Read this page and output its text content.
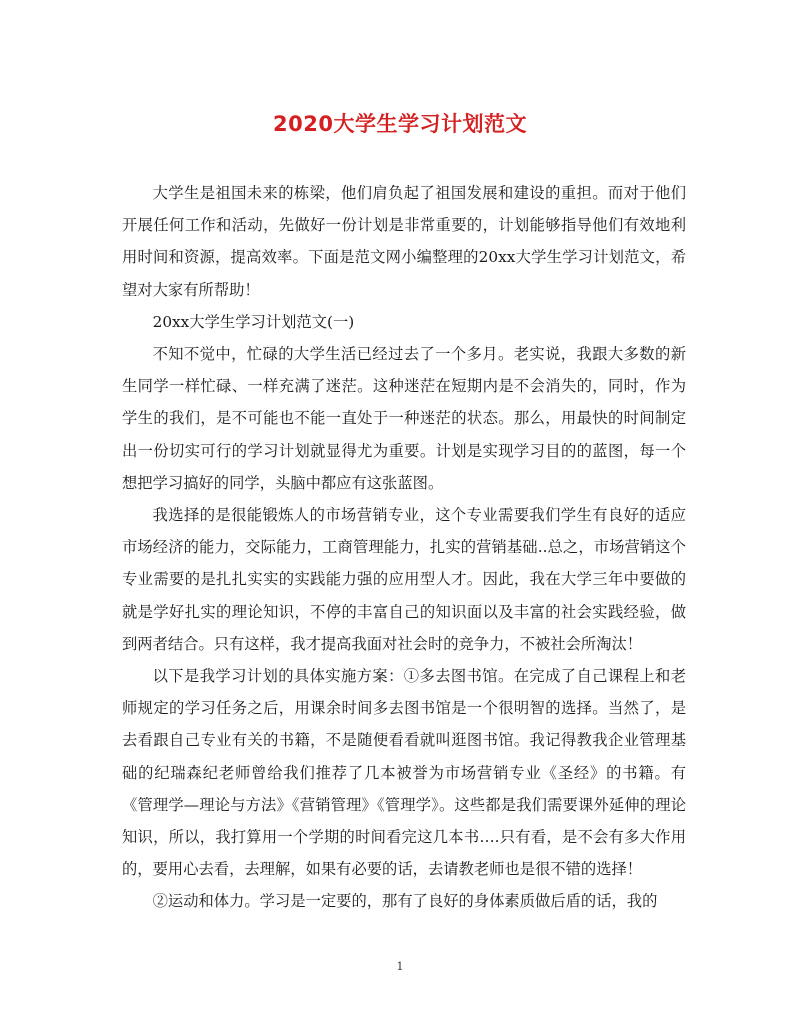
2020大学生学习计划范文

大学生是祖国未来的栋梁，他们肩负起了祖国发展和建设的重担。而对于他们开展任何工作和活动，先做好一份计划是非常重要的，计划能够指导他们有效地利用时间和资源，提高效率。下面是范文网小编整理的20xx大学生学习计划范文，希望对大家有所帮助！

20xx大学生学习计划范文(一)

不知不觉中，忙碌的大学生活已经过去了一个多月。老实说，我跟大多数的新生同学一样忙碌、一样充满了迷茫。这种迷茫在短期内是不会消失的，同时，作为学生的我们，是不可能也不能一直处于一种迷茫的状态。那么，用最快的时间制定出一份切实可行的学习计划就显得尤为重要。计划是实现学习目的的蓝图，每一个想把学习搞好的同学，头脑中都应有这张蓝图。

我选择的是很能锻炼人的市场营销专业，这个专业需要我们学生有良好的适应市场经济的能力，交际能力，工商管理能力，扎实的营销基础..总之，市场营销这个专业需要的是扎扎实实的实践能力强的应用型人才。因此，我在大学三年中要做的就是学好扎实的理论知识，不停的丰富自己的知识面以及丰富的社会实践经验，做到两者结合。只有这样，我才提高我面对社会时的竞争力，不被社会所淘汰！

以下是我学习计划的具体实施方案：①多去图书馆。在完成了自己课程上和老师规定的学习任务之后，用课余时间多去图书馆是一个很明智的选择。当然了，是去看跟自己专业有关的书籍，不是随便看看就叫逛图书馆。我记得教我企业管理基础的纪瑞森纪老师曾给我们推荐了几本被誉为市场营销专业《圣经》的书籍。有《管理学—理论与方法》《营销管理》《管理学》。这些都是我们需要课外延伸的理论知识，所以，我打算用一个学期的时间看完这几本书….只有看，是不会有多大作用的，要用心去看，去理解，如果有必要的话，去请教老师也是很不错的选择！

②运动和体力。学习是一定要的，那有了良好的身体素质做后盾的话，我的

1
